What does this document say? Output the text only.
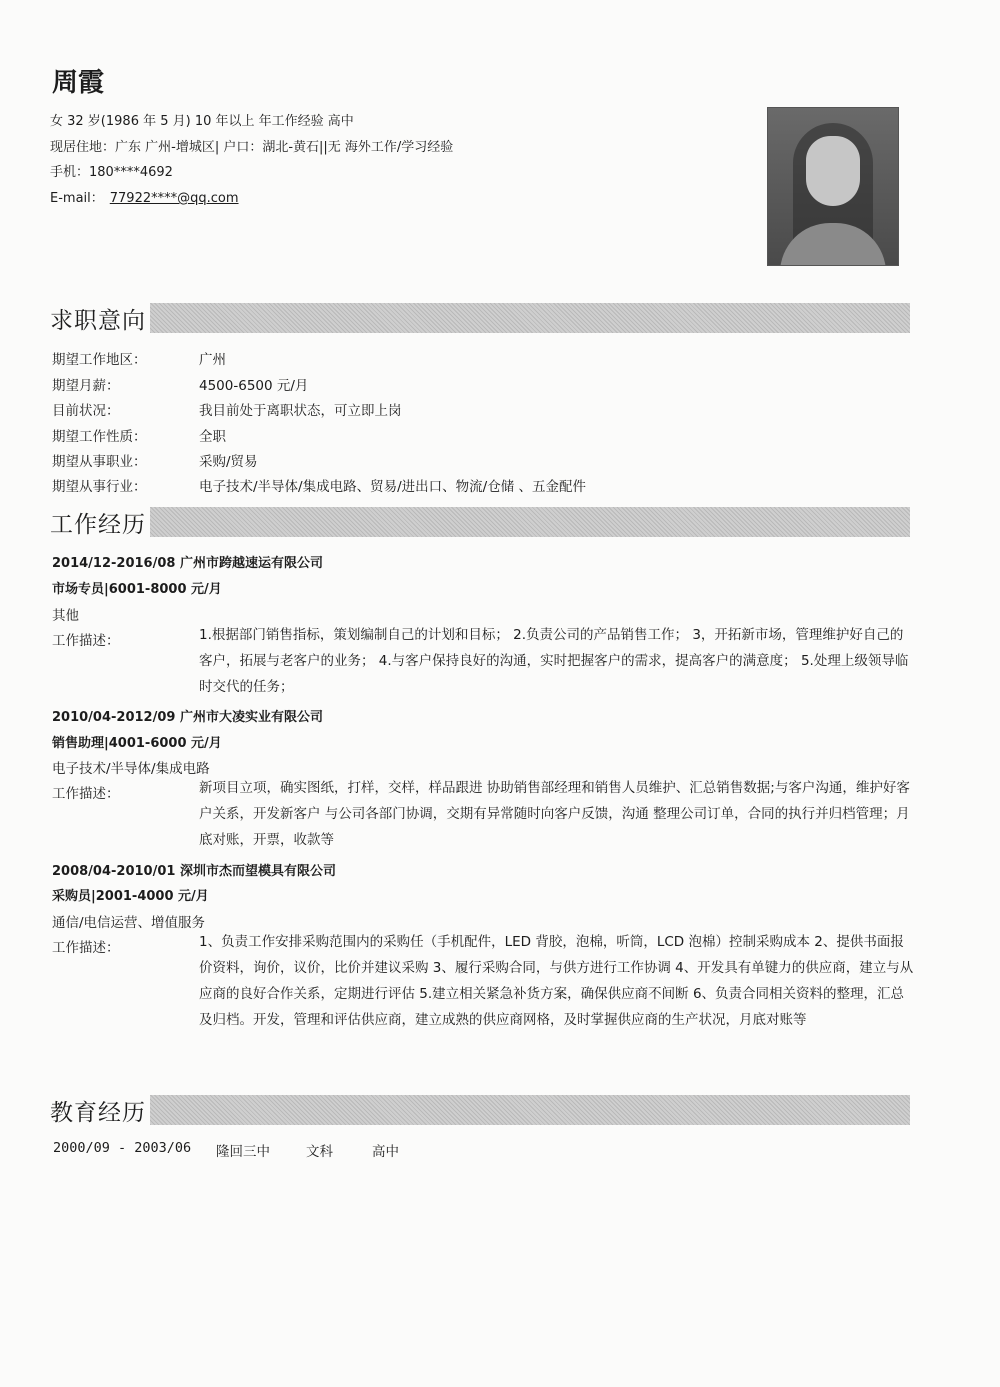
周霞
女 32 岁(1986 年 5 月) 10 年以上 年工作经验 高中
现居住地：广东 广州-增城区| 户口：湖北-黄石||无 海外工作/学习经验
手机：180****4692
E-mail： 77922****@qq.com
求职意向
期望工作地区：	广州
期望月薪：	4500-6500 元/月
目前状况：	我目前处于离职状态，可立即上岗
期望工作性质：	全职
期望从事职业：	采购/贸易
期望从事行业：	电子技术/半导体/集成电路、贸易/进出口、物流/仓储 、五金配件
工作经历
2014/12-2016/08 广州市跨越速运有限公司
市场专员|6001-8000 元/月
其他
工作描述：	1.根据部门销售指标，策划编制自己的计划和目标； 2.负责公司的产品销售工作； 3，开拓新市场，管理维护好自己的客户，拓展与老客户的业务； 4.与客户保持良好的沟通，实时把握客户的需求，提高客户的满意度； 5.处理上级领导临时交代的任务；
2010/04-2012/09 广州市大凌实业有限公司
销售助理|4001-6000 元/月
电子技术/半导体/集成电路
工作描述：	新项目立项，确实图纸，打样，交样，样品跟进 协助销售部经理和销售人员维护、汇总销售数据;与客户沟通，维护好客户关系，开发新客户 与公司各部门协调，交期有异常随时向客户反馈，沟通 整理公司订单，合同的执行并归档管理；月底对账，开票，收款等
2008/04-2010/01 深圳市杰而望模具有限公司
采购员|2001-4000 元/月
通信/电信运营、增值服务
工作描述：	1、负责工作安排采购范围内的采购任（手机配件，LED 背胶，泡棉，听筒，LCD 泡棉）控制采购成本 2、提供书面报价资料，询价，议价，比价并建议采购 3、履行采购合同，与供方进行工作协调 4、开发具有单键力的供应商，建立与从应商的良好合作关系，定期进行评估 5.建立相关紧急补货方案，确保供应商不间断 6、负责合同相关资料的整理，汇总及归档。开发，管理和评估供应商，建立成熟的供应商网格，及时掌握供应商的生产状况，月底对账等
教育经历
2000/09 - 2003/06 隆回三中	文科	高中
